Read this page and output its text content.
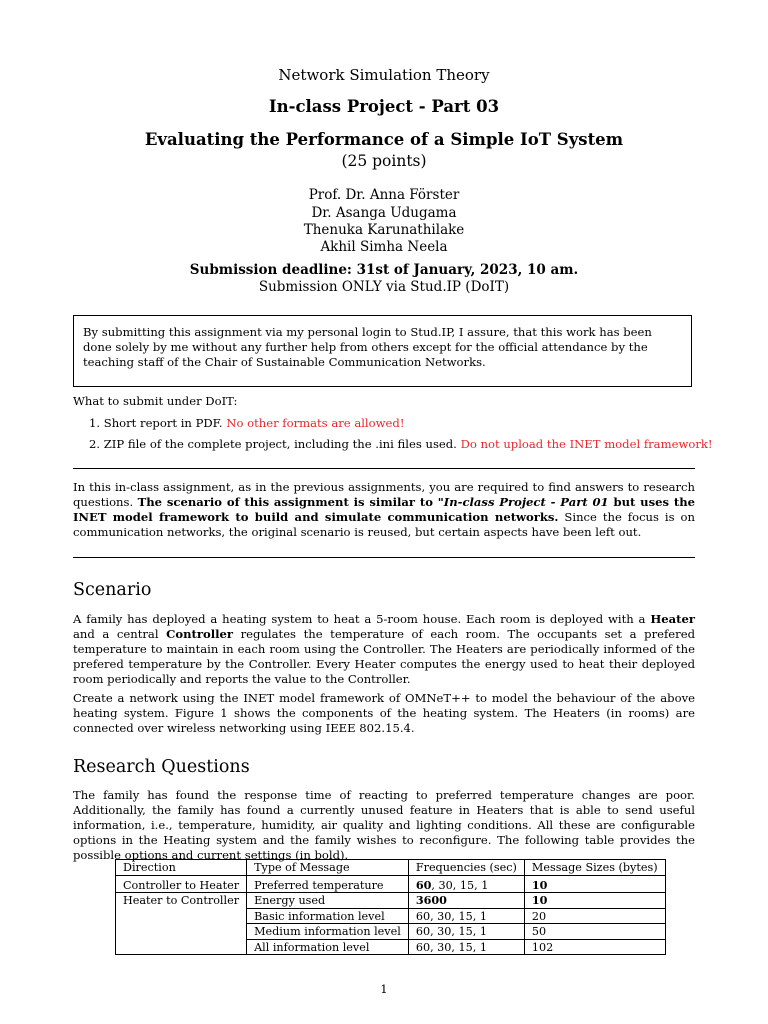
Network Simulation Theory
In-class Project - Part 03
Evaluating the Performance of a Simple IoT System
(25 points)
Prof. Dr. Anna Förster
Dr. Asanga Udugama
Thenuka Karunathilake
Akhil Simha Neela
Submission deadline: 31st of January, 2023, 10 am.
Submission ONLY via Stud.IP (DoIT)
By submitting this assignment via my personal login to Stud.IP, I assure, that this work has been done solely by me without any further help from others except for the official attendance by the teaching staff of the Chair of Sustainable Communication Networks.
What to submit under DoIT:
1. Short report in PDF. No other formats are allowed!
2. ZIP file of the complete project, including the .ini files used. Do not upload the INET model framework!
In this in-class assignment, as in the previous assignments, you are required to find answers to research questions. The scenario of this assignment is similar to "In-class Project - Part 01 but uses the INET model framework to build and simulate communication networks. Since the focus is on communication networks, the original scenario is reused, but certain aspects have been left out.
Scenario
A family has deployed a heating system to heat a 5-room house. Each room is deployed with a Heater and a central Controller regulates the temperature of each room. The occupants set a prefered temperature to maintain in each room using the Controller. The Heaters are periodically informed of the prefered temperature by the Controller. Every Heater computes the energy used to heat their deployed room periodically and reports the value to the Controller.
Create a network using the INET model framework of OMNeT++ to model the behaviour of the above heating system. Figure 1 shows the components of the heating system. The Heaters (in rooms) are connected over wireless networking using IEEE 802.15.4.
Research Questions
The family has found the response time of reacting to preferred temperature changes are poor. Additionally, the family has found a currently unused feature in Heaters that is able to send useful information, i.e., temperature, humidity, air quality and lighting conditions. All these are configurable options in the Heating system and the family wishes to reconfigure. The following table provides the possible options and current settings (in bold).
Direction	Type of Message	Frequencies (sec)	Message Sizes (bytes)

Controller to Heater	Preferred temperature	60, 30, 15, 1	10
Heater to Controller	Energy used	3600	10
	Basic information level	60, 30, 15, 1	20
	Medium information level	60, 30, 15, 1	50
	All information level	60, 30, 15, 1	102
1
